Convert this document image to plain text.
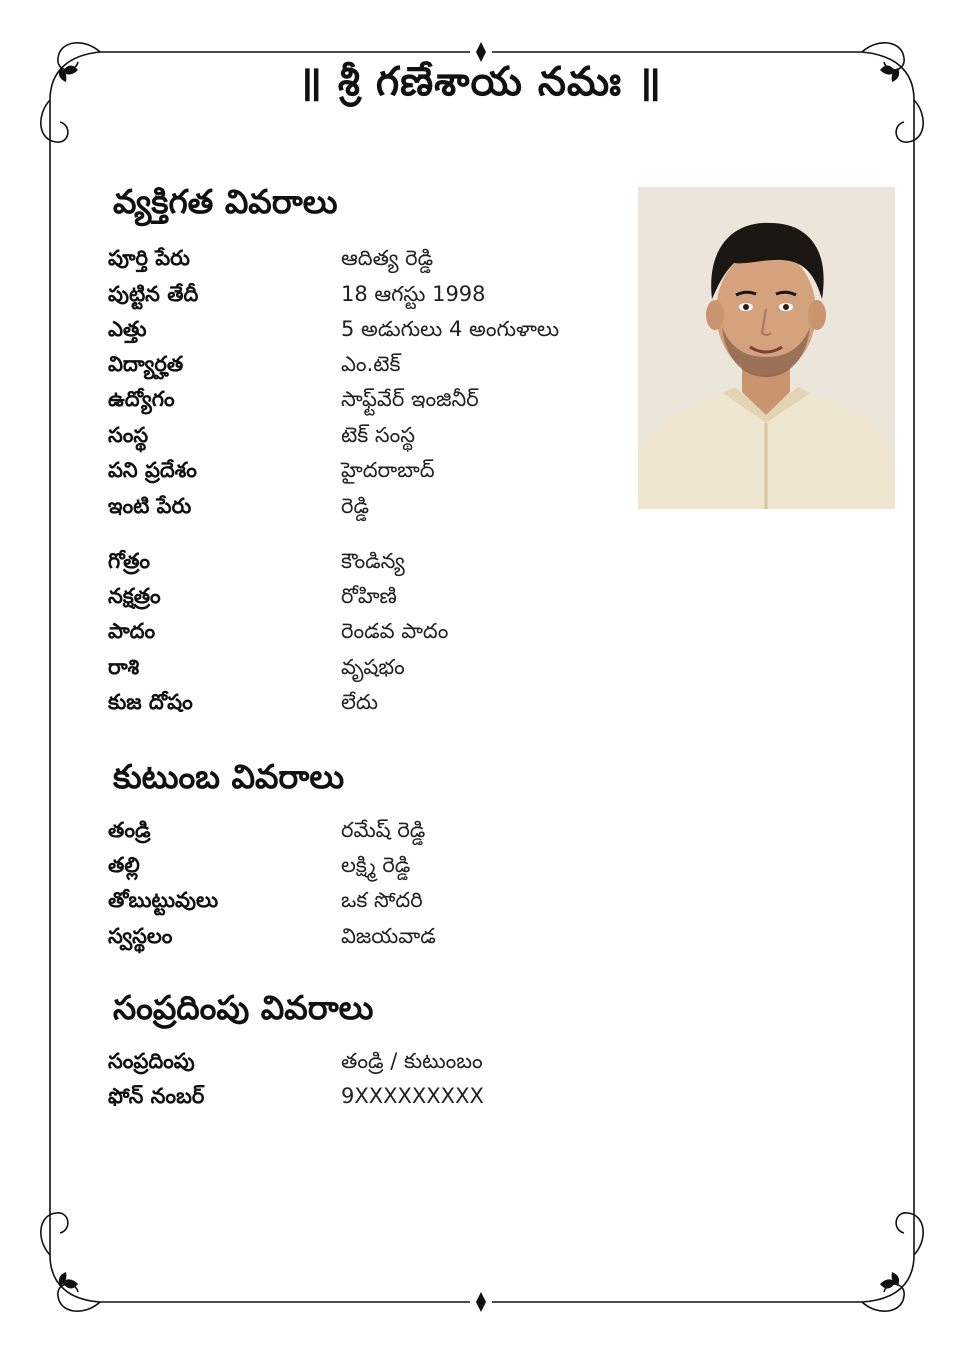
॥ శ్రీ గణేశాయ నమః ॥
వ్యక్తిగత వివరాలు
పూర్తి పేరు	ఆదిత్య రెడ్డి
పుట్టిన తేదీ	18 ఆగస్టు 1998
ఎత్తు	5 అడుగులు 4 అంగుళాలు
విద్యార్హత	ఎం.టెక్
ఉద్యోగం	సాఫ్ట్‌వేర్ ఇంజినీర్
సంస్థ	టెక్ సంస్థ
పని ప్రదేశం	హైదరాబాద్
ఇంటి పేరు	రెడ్డి
గోత్రం	కౌండిన్య
నక్షత్రం	రోహిణి
పాదం	రెండవ పాదం
రాశి	వృషభం
కుజ దోషం	లేదు
కుటుంబ వివరాలు
తండ్రి	రమేష్ రెడ్డి
తల్లి	లక్ష్మి రెడ్డి
తోబుట్టువులు	ఒక సోదరి
స్వస్థలం	విజయవాడ
సంప్రదింపు వివరాలు
సంప్రదింపు	తండ్రి / కుటుంబం
ఫోన్ నంబర్	9XXXXXXXXX
